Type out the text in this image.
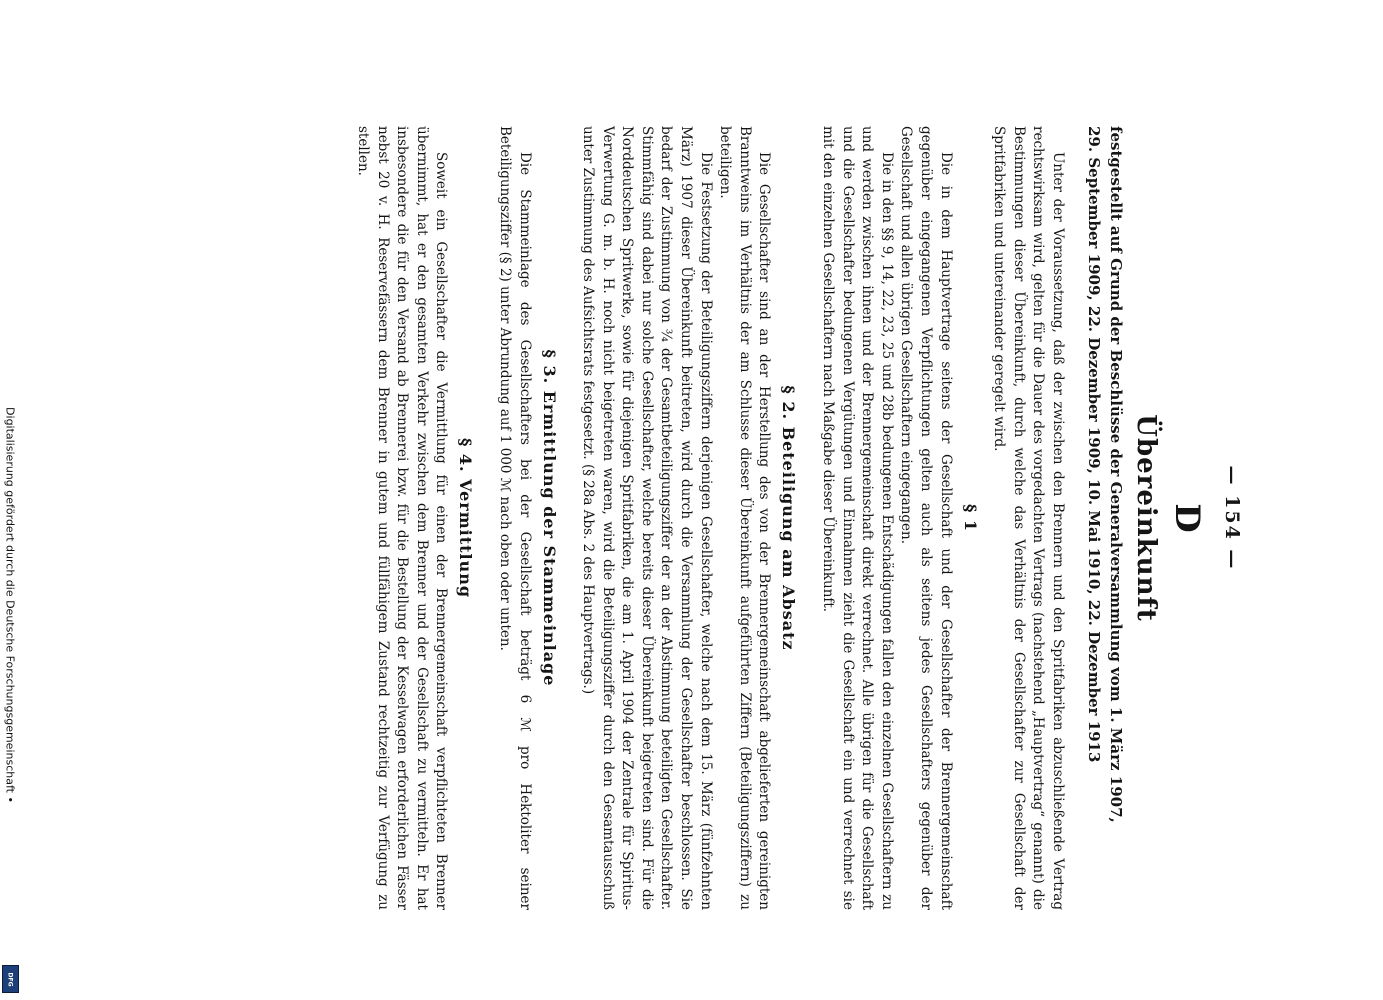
Digitalisierung gefördert durch die Deutsche Forschungsgemeinschaft •
DFG
— 154 —
D
Übereinkunft
festgestellt auf Grund der Beschlüsse der Generalversammlung vom 1. März 1907,
29. September 1909, 22. Dezember 1909, 10. Mai 1910, 22. Dezember 1913

Unter der Voraussetzung, daß der zwischen den Brennern und den Spritfabriken abzuschließende Vertrag rechtswirksam wird, gelten für die Dauer des vorgedachten Vertrags (nachstehend „Hauptvertrag“ genannt) die Bestimmungen dieser Übereinkunft, durch welche das Verhältnis der Gesellschafter zur Gesellschaft der Spritfabriken und untereinander geregelt wird.

§ 1

Die in dem Hauptvertrage seitens der Gesellschaft und der Gesellschafter der Brennergemeinschaft gegenüber eingegangenen Verpflichtungen gelten auch als seitens jedes Gesellschafters gegenüber der Gesellschaft und allen übrigen Gesellschaftern eingegangen.

Die in den §§ 9, 14, 22, 23, 25 und 28b bedungenen Entschädigungen fallen den einzelnen Gesellschaftern zu und werden zwischen ihnen und der Brennergemeinschaft direkt verrechnet. Alle übrigen für die Gesellschaft und die Gesellschafter bedungenen Vergütungen und Einnahmen zieht die Gesellschaft ein und verrechnet sie mit den einzelnen Gesellschaftern nach Maßgabe dieser Übereinkunft.

§ 2. Beteiligung am Absatz

Die Gesellschafter sind an der Herstellung des von der Brennergemeinschaft abgelieferten gereinigten Branntweins im Verhältnis der am Schlusse dieser Übereinkunft aufgeführten Ziffern (Beteiligungsziffern) zu beteiligen.

Die Festsetzung der Beteiligungsziffern derjenigen Gesellschafter, welche nach dem 15. März (fünfzehnten März) 1907 dieser Übereinkunft beitreten, wird durch die Versammlung der Gesellschafter beschlossen. Sie bedarf der Zustimmung von ¾ der Gesamtbeteiligungsziffer der an der Abstimmung beteiligten Gesellschafter. Stimmfähig sind dabei nur solche Gesellschafter, welche bereits dieser Übereinkunft beigetreten sind. Für die Norddeutschen Spritwerke, sowie für diejenigen Spritfabriken, die am 1. April 1904 der Zentrale für Spiritus-Verwertung G. m. b. H. noch nicht beigetreten waren, wird die Beteiligungsziffer durch den Gesamtausschuß unter Zustimmung des Aufsichtsrats festgesetzt. (§ 28a Abs. 2 des Hauptvertrags.)

§ 3. Ermittlung der Stammeinlage

Die Stammeinlage des Gesellschafters bei der Gesellschaft beträgt 6 ℳ pro Hektoliter seiner Beteiligungsziffer (§ 2) unter Abrundung auf 1 000 ℳ nach oben oder unten.

§ 4. Vermittlung

Soweit ein Gesellschafter die Vermittlung für einen der Brennergemeinschaft verpflichteten Brenner übernimmt, hat er den gesamten Verkehr zwischen dem Brenner und der Gesellschaft zu vermitteln. Er hat insbesondere die für den Versand ab Brennerei bzw. für die Bestellung der Kesselwagen erforderlichen Fässer nebst 20 v. H. Reservefässern dem Brenner in gutem und füllfähigem Zustand rechtzeitig zur Verfügung zu stellen.
